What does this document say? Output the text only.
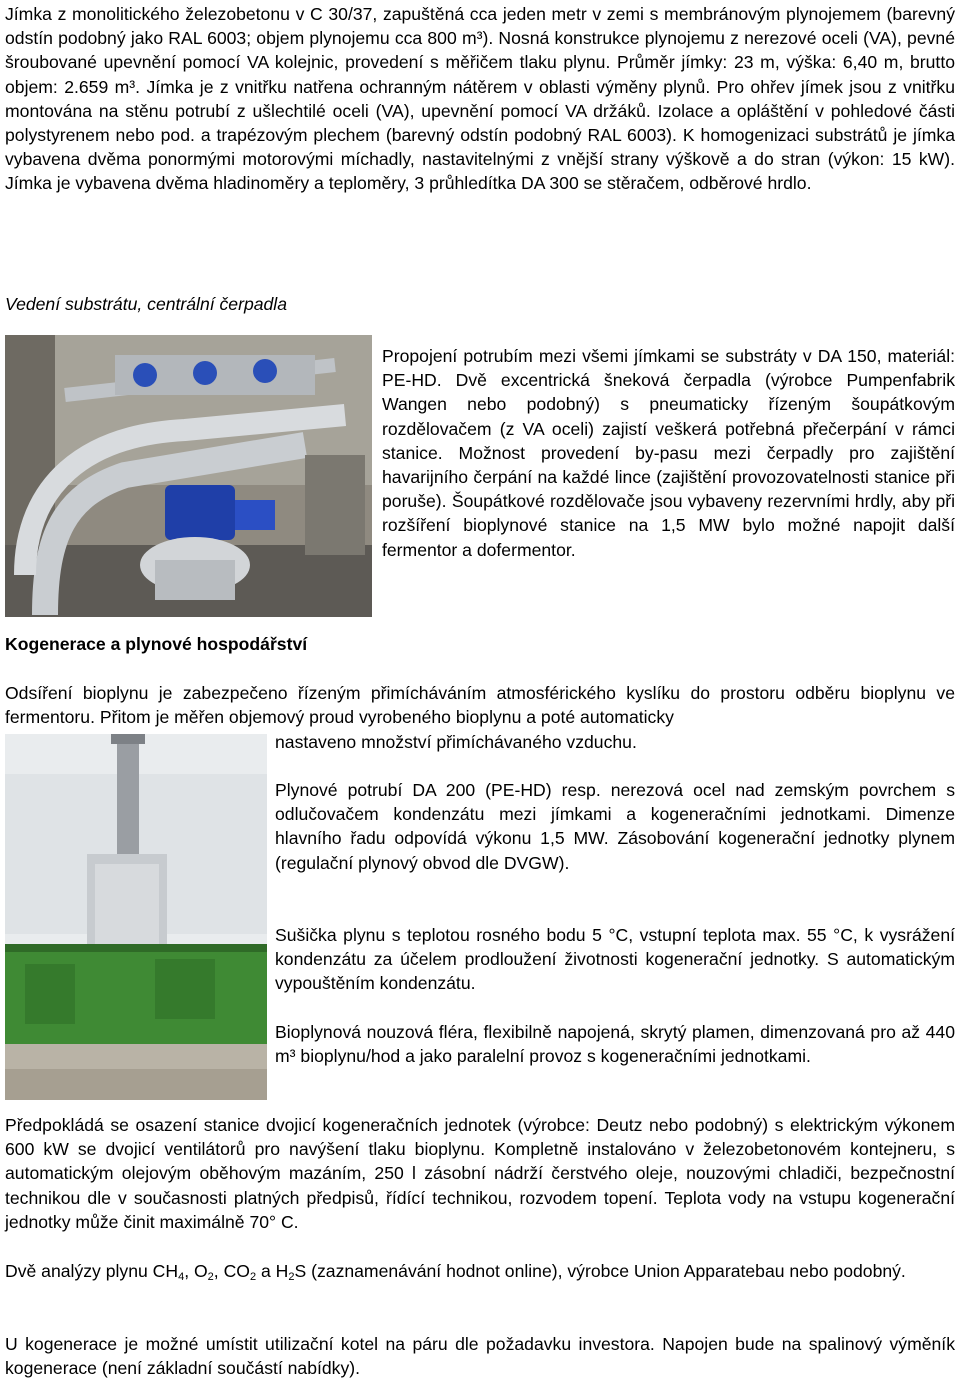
Jímka z monolitického železobetonu v C 30/37, zapuštěná cca jeden metr v zemi s membránovým plynojemem (barevný odstín podobný jako RAL 6003; objem plynojemu cca 800 m³). Nosná konstrukce plynojemu z nerezové oceli (VA), pevné šroubované upevnění pomocí VA kolejnic, provedení s měřičem tlaku plynu. Průměr jímky: 23 m, výška: 6,40 m, brutto objem: 2.659 m³. Jímka je z vnitřku natřena ochranným nátěrem v oblasti výměny plynů. Pro ohřev jímek jsou z vnitřku montována na stěnu potrubí z ušlechtilé oceli (VA), upevnění pomocí VA držáků. Izolace a opláštění v pohledové části polystyrenem nebo pod. a trapézovým plechem (barevný odstín podobný RAL 6003). K homogenizaci substrátů je jímka vybavena dvěma ponormými motorovými míchadly, nastavitelnými z vnější strany výškově a do stran (výkon: 15 kW). Jímka je vybavena dvěma hladinoměry a teploměry, 3 průhledítka DA 300 se stěračem, odběrové hrdlo.

Vedení substrátu, centrální čerpadla

Propojení potrubím mezi všemi jímkami se substráty v DA 150, materiál: PE-HD. Dvě excentrická šneková čerpadla (výrobce Pumpenfabrik Wangen nebo podobný) s pneumaticky řízeným šoupátkovým rozdělovačem (z VA oceli) zajistí veškerá potřebná přečerpání v rámci stanice. Možnost provedení by-pasu mezi čerpadly pro zajištění havarijního čerpání na každé lince (zajištění provozovatelnosti stanice při poruše). Šoupátkové rozdělovače jsou vybaveny rezervními hrdly, aby při rozšíření bioplynové stanice na 1,5 MW bylo možné napojit další fermentor a dofermentor.

Kogenerace a plynové hospodářství

Odsíření bioplynu je zabezpečeno řízeným přimícháváním atmosférického kyslíku do prostoru odběru bioplynu ve fermentoru. Přitom je měřen objemový proud vyrobeného bioplynu a poté automaticky

nastaveno množství přimíchávaného vzduchu.

Plynové potrubí DA 200 (PE-HD) resp. nerezová ocel nad zemským povrchem s odlučovačem kondenzátu mezi jímkami a kogeneračními jednotkami. Dimenze hlavního řadu odpovídá výkonu 1,5 MW. Zásobování kogenerační jednotky plynem (regulační plynový obvod dle DVGW).

Sušička plynu s teplotou rosného bodu 5 °C, vstupní teplota max. 55 °C, k vysrážení kondenzátu za účelem prodloužení životnosti kogenerační jednotky. S automatickým vypouštěním kondenzátu.

Bioplynová nouzová fléra, flexibilně napojená, skrytý plamen, dimenzovaná pro až 440 m³ bioplynu/hod a jako paralelní provoz s kogeneračními jednotkami.

Předpokládá se osazení stanice dvojicí kogeneračních jednotek (výrobce: Deutz nebo podobný) s elektrickým výkonem 600 kW se dvojicí ventilátorů pro navýšení tlaku bioplynu. Kompletně instalováno v železobetonovém kontejneru, s automatickým olejovým oběhovým mazáním, 250 l zásobní nádrží čerstvého oleje, nouzovými chladiči, bezpečnostní technikou dle v současnosti platných předpisů, řídící technikou, rozvodem topení. Teplota vody na vstupu kogenerační jednotky může činit maximálně 70° C.

Dvě analýzy plynu $CH_4$, $O_2$, $CO_2$ a $H_2S$ (zaznamenávání hodnot online), výrobce Union Apparatebau nebo podobný.

U kogenerace je možné umístit utilizační kotel na páru dle požadavku investora. Napojen bude na spalinový výměník kogenerace (není základní součástí nabídky).
